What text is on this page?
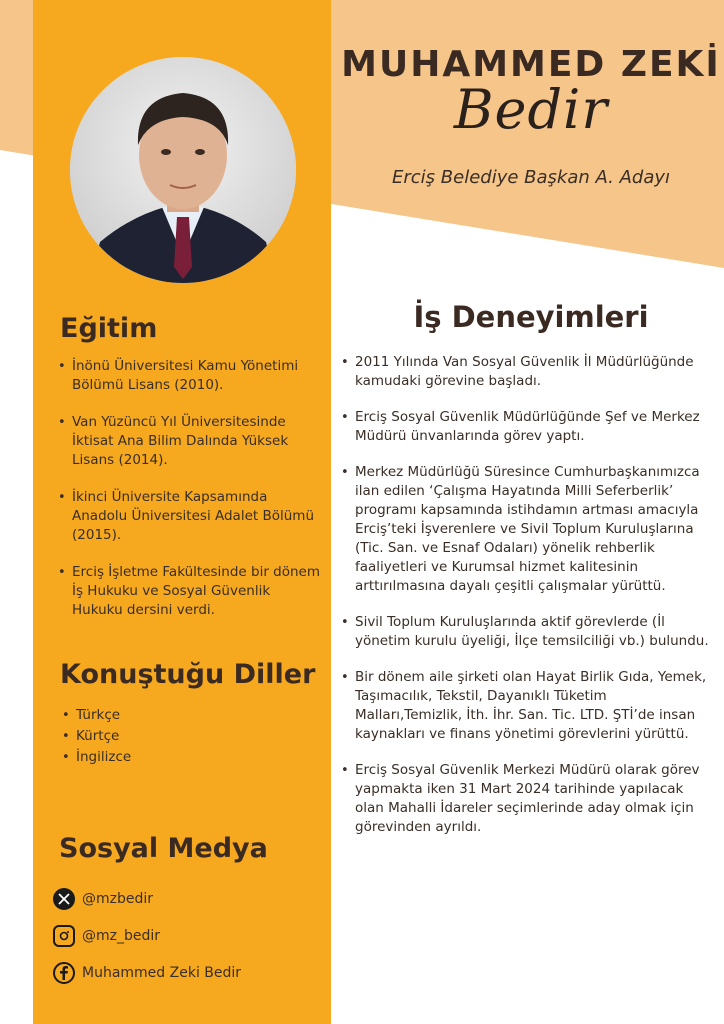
MUHAMMED ZEKİ
Bedir
Erciş Belediye Başkan A. Adayı
Eğitim
• İnönü Üniversitesi Kamu Yönetimi Bölümü Lisans (2010).
• Van Yüzüncü Yıl Üniversitesinde İktisat Ana Bilim Dalında Yüksek Lisans (2014).
• İkinci Üniversite Kapsamında Anadolu Üniversitesi Adalet Bölümü (2015).
• Erciş İşletme Fakültesinde bir dönem İş Hukuku ve Sosyal Güvenlik Hukuku dersini verdi.
Konuştuğu Diller
• Türkçe
• Kürtçe
• İngilizce
Sosyal Medya
@mzbedir
@mz_bedir
Muhammed Zeki Bedir
İş Deneyimleri
• 2011 Yılında Van Sosyal Güvenlik İl Müdürlüğünde kamudaki görevine başladı.
• Erciş Sosyal Güvenlik Müdürlüğünde Şef ve Merkez Müdürü ünvanlarında görev yaptı.
• Merkez Müdürlüğü Süresince Cumhurbaşkanımızca ilan edilen ‘Çalışma Hayatında Milli Seferberlik’ programı kapsamında istihdamın artması amacıyla Erciş’teki İşverenlere ve Sivil Toplum Kuruluşlarına (Tic. San. ve Esnaf Odaları) yönelik rehberlik faaliyetleri ve Kurumsal hizmet kalitesinin arttırılmasına dayalı çeşitli çalışmalar yürüttü.
• Sivil Toplum Kuruluşlarında aktif görevlerde (İl yönetim kurulu üyeliği, İlçe temsilciliği vb.) bulundu.
• Bir dönem aile şirketi olan Hayat Birlik Gıda, Yemek, Taşımacılık, Tekstil, Dayanıklı Tüketim Malları,Temizlik, İth. İhr. San. Tic. LTD. ŞTİ’de insan kaynakları ve finans yönetimi görevlerini yürüttü.
• Erciş Sosyal Güvenlik Merkezi Müdürü olarak görev yapmakta iken 31 Mart 2024 tarihinde yapılacak olan Mahalli İdareler seçimlerinde aday olmak için görevinden ayrıldı.
